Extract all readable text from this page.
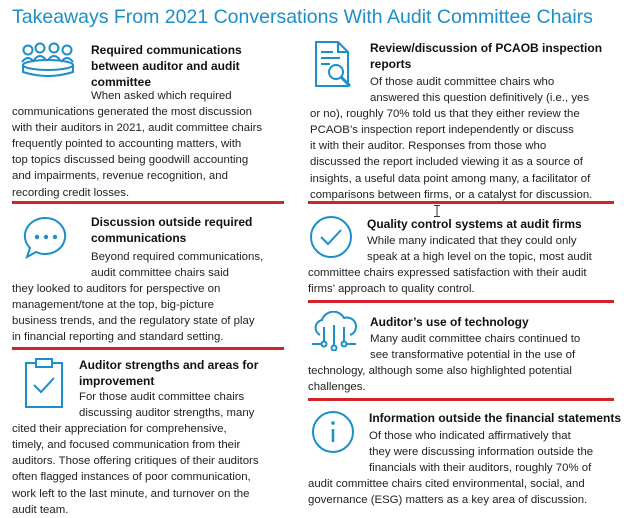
Takeaways From 2021 Conversations With Audit Committee Chairs
Required communications
between auditor and audit
committee
When asked which required
communications generated the most discussion
with their auditors in 2021, audit committee chairs
frequently pointed to accounting matters, with
top topics discussed being goodwill accounting
and impairments, revenue recognition, and
recording credit losses.
Review/discussion of PCAOB inspection
reports
Of those audit committee chairs who
answered this question definitively (i.e., yes
or no), roughly 70% told us that they either review the
PCAOB’s inspection report independently or discuss
it with their auditor. Responses from those who
discussed the report included viewing it as a source of
insights, a useful data point among many, a facilitator of
comparisons between firms, or a catalyst for discussion.
Discussion outside required
communications
Beyond required communications,
audit committee chairs said
they looked to auditors for perspective on
management/tone at the top, big-picture
business trends, and the regulatory state of play
in financial reporting and standard setting.
Quality control systems at audit firms
While many indicated that they could only
speak at a high level on the topic, most audit
committee chairs expressed satisfaction with their audit
firms’ approach to quality control.
Auditor strengths and areas for
improvement
For those audit committee chairs
discussing auditor strengths, many
cited their appreciation for comprehensive,
timely, and focused communication from their
auditors. Those offering critiques of their auditors
often flagged instances of poor communication,
work left to the last minute, and turnover on the
audit team.
Auditor’s use of technology
Many audit committee chairs continued to
see transformative potential in the use of
technology, although some also highlighted potential
challenges.
Information outside the financial statements
Of those who indicated affirmatively that
they were discussing information outside the
financials with their auditors, roughly 70% of
audit committee chairs cited environmental, social, and
governance (ESG) matters as a key area of discussion.
